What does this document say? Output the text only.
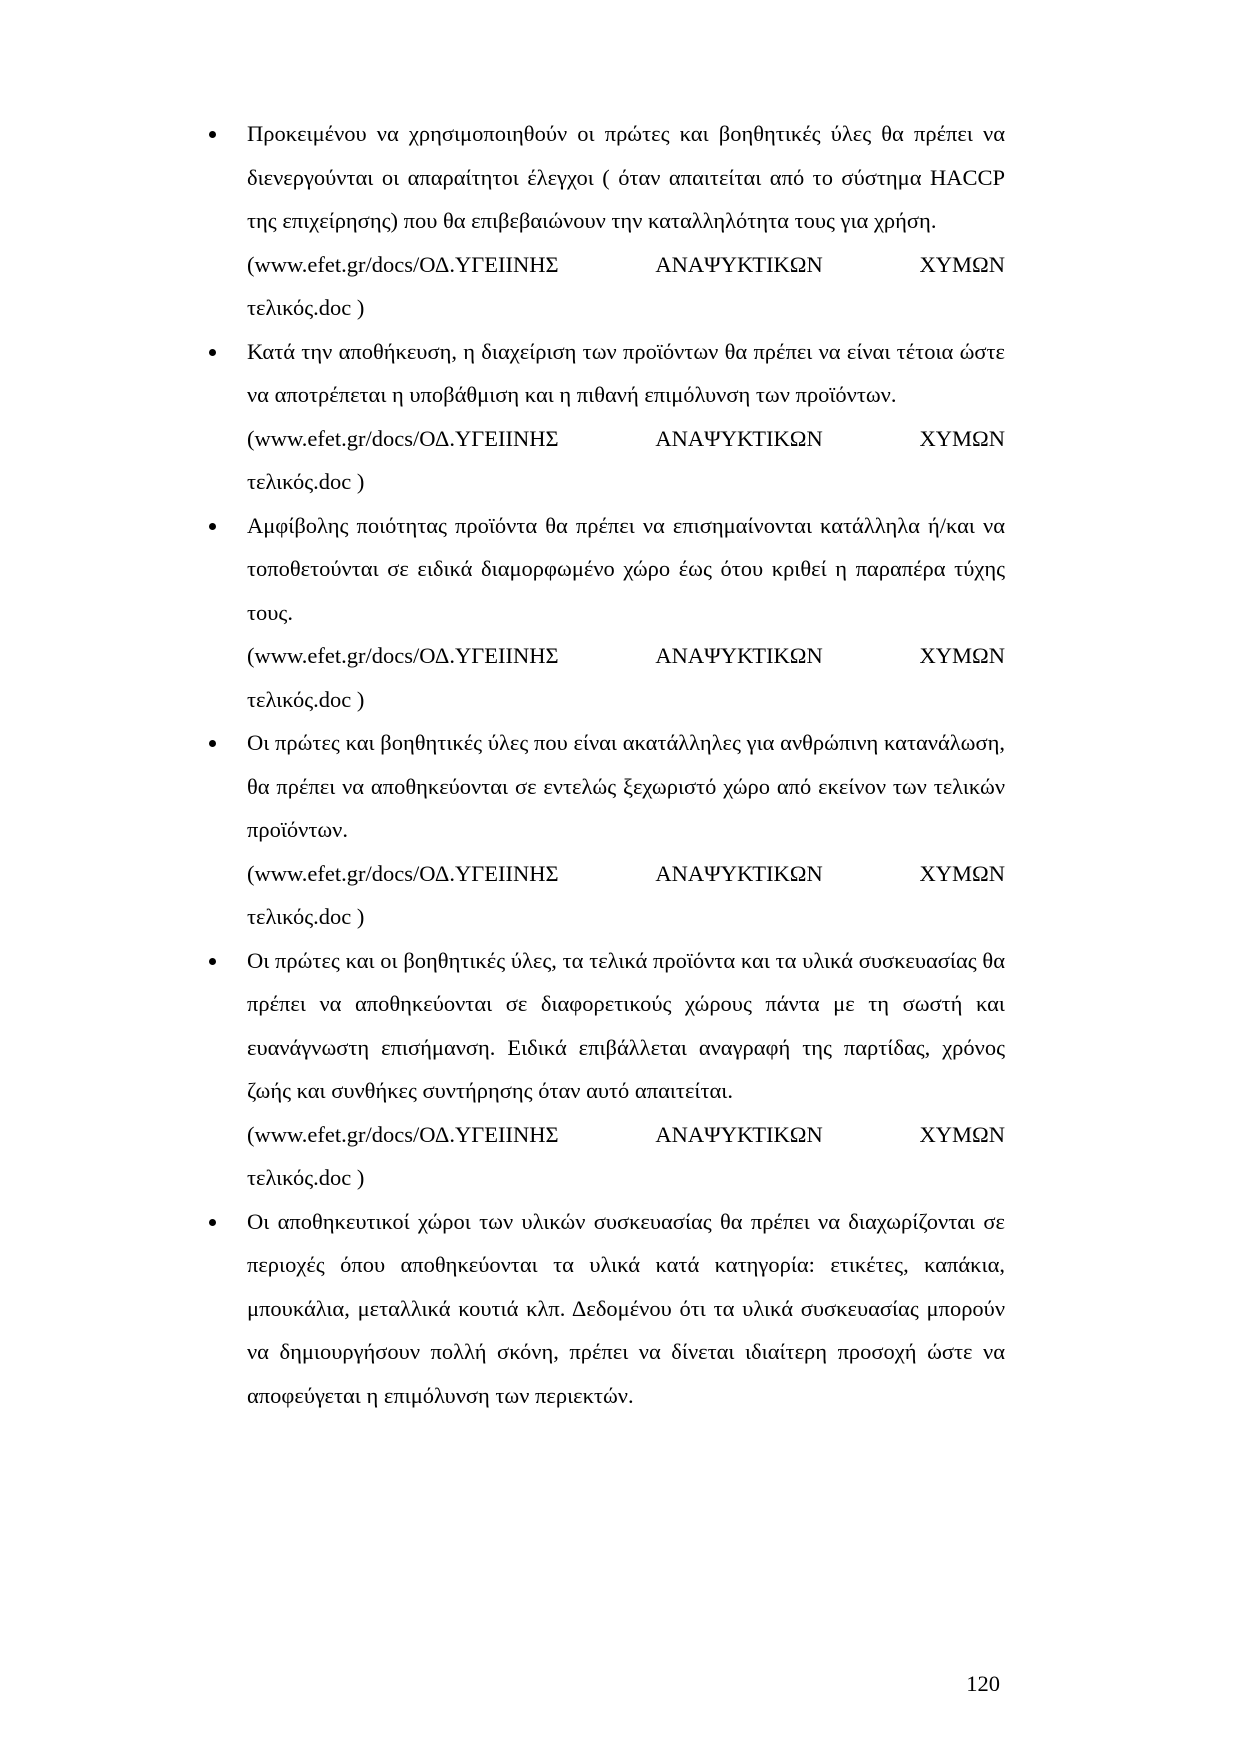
Προκειμένου να χρησιμοποιηθούν οι πρώτες και βοηθητικές ύλες θα πρέπει να διενεργούνται οι απαραίτητοι έλεγχοι ( όταν απαιτείται από το σύστημα HACCP της επιχείρησης) που θα επιβεβαιώνουν την καταλληλότητα τους για χρήση.

(www.efet.gr/docs/ΟΔ.ΥΓΕΙΙΝΗΣ	ΑΝΑΨΥΚΤΙΚΩΝ	ΧΥΜΩΝ
τελικός.doc )

Κατά την αποθήκευση, η διαχείριση των προϊόντων θα πρέπει να είναι τέτοια ώστε να αποτρέπεται η υποβάθμιση και η πιθανή επιμόλυνση των προϊόντων.

(www.efet.gr/docs/ΟΔ.ΥΓΕΙΙΝΗΣ	ΑΝΑΨΥΚΤΙΚΩΝ	ΧΥΜΩΝ
τελικός.doc )

Αμφίβολης ποιότητας προϊόντα θα πρέπει να επισημαίνονται κατάλληλα ή/και να τοποθετούνται σε ειδικά διαμορφωμένο χώρο έως ότου κριθεί η παραπέρα τύχης τους.

(www.efet.gr/docs/ΟΔ.ΥΓΕΙΙΝΗΣ	ΑΝΑΨΥΚΤΙΚΩΝ	ΧΥΜΩΝ
τελικός.doc )

Οι πρώτες και βοηθητικές ύλες που είναι ακατάλληλες για ανθρώπινη κατανάλωση, θα πρέπει να αποθηκεύονται σε εντελώς ξεχωριστό χώρο από εκείνον των τελικών προϊόντων.

(www.efet.gr/docs/ΟΔ.ΥΓΕΙΙΝΗΣ	ΑΝΑΨΥΚΤΙΚΩΝ	ΧΥΜΩΝ
τελικός.doc )

Οι πρώτες και οι βοηθητικές ύλες, τα τελικά προϊόντα και τα υλικά συσκευασίας θα πρέπει να αποθηκεύονται σε διαφορετικούς χώρους πάντα με τη σωστή και ευανάγνωστη επισήμανση. Ειδικά επιβάλλεται αναγραφή της παρτίδας, χρόνος ζωής και συνθήκες συντήρησης όταν αυτό απαιτείται.

(www.efet.gr/docs/ΟΔ.ΥΓΕΙΙΝΗΣ	ΑΝΑΨΥΚΤΙΚΩΝ	ΧΥΜΩΝ
τελικός.doc )

Οι αποθηκευτικοί χώροι των υλικών συσκευασίας θα πρέπει να διαχωρίζονται σε περιοχές όπου αποθηκεύονται τα υλικά κατά κατηγορία: ετικέτες, καπάκια, μπουκάλια, μεταλλικά κουτιά κλπ. Δεδομένου ότι τα υλικά συσκευασίας μπορούν να δημιουργήσουν πολλή σκόνη, πρέπει να δίνεται ιδιαίτερη προσοχή ώστε να αποφεύγεται η επιμόλυνση των περιεκτών.

120
